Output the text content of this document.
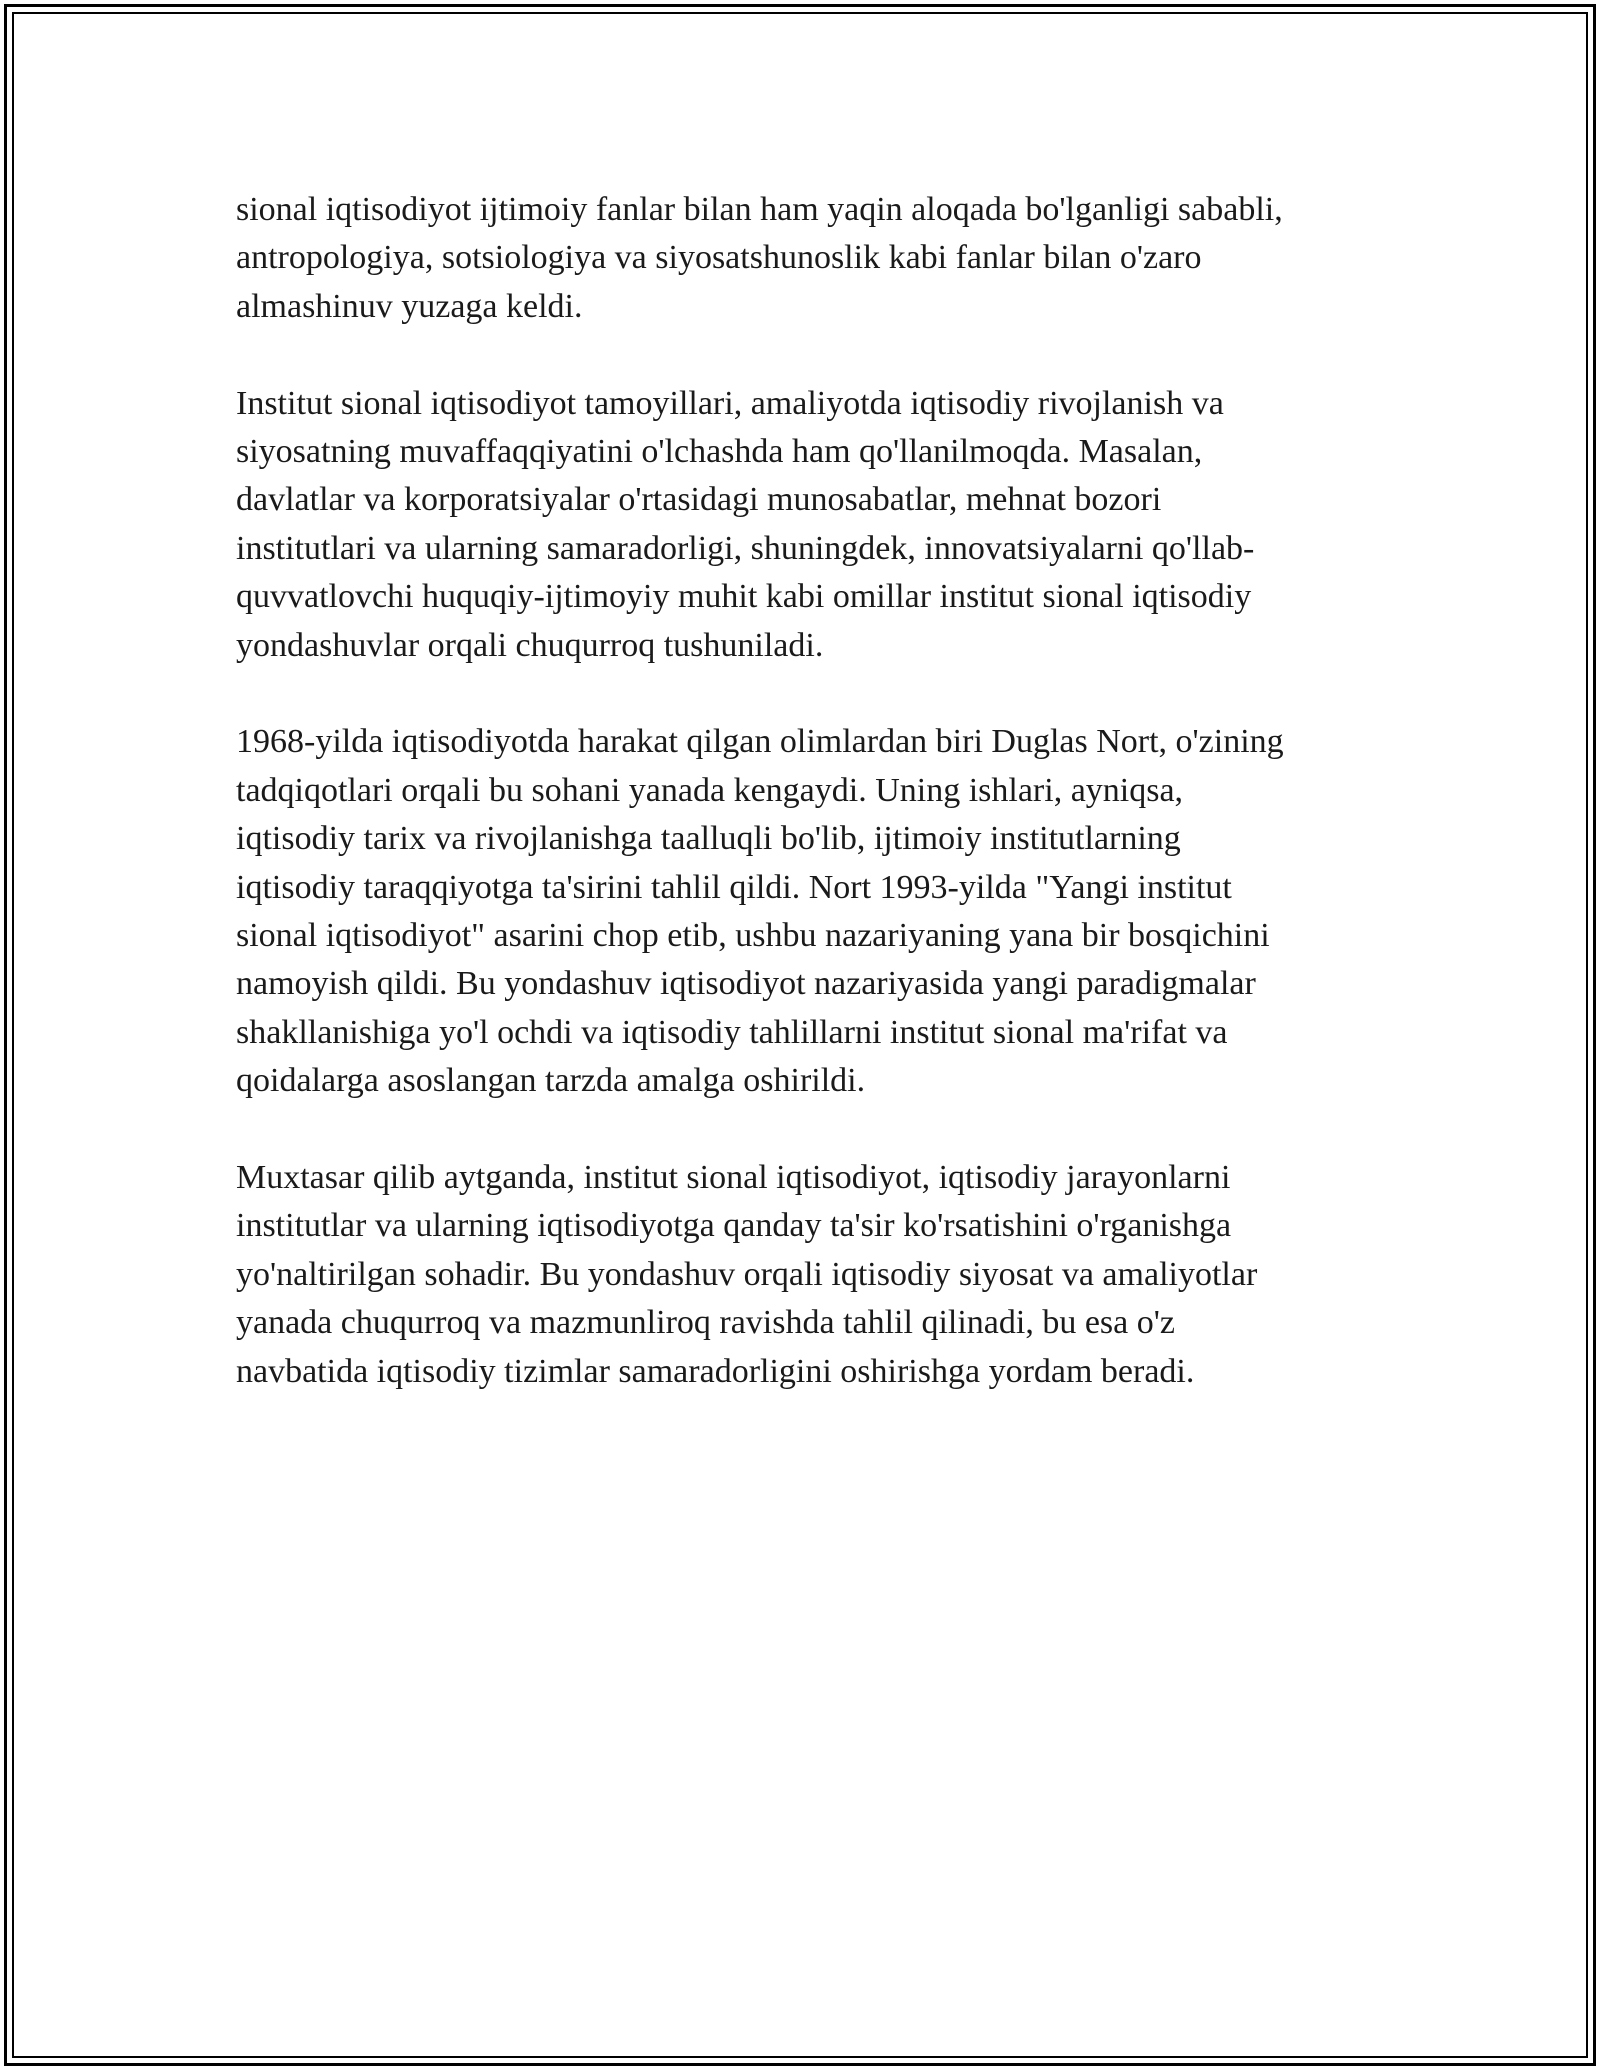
sional iqtisodiyot ijtimoiy fanlar bilan ham yaqin aloqada bo'lganligi sababli,
antropologiya, sotsiologiya va siyosatshunoslik kabi fanlar bilan o'zaro
almashinuv yuzaga keldi.

Institut sional iqtisodiyot tamoyillari, amaliyotda iqtisodiy rivojlanish va
siyosatning muvaffaqqiyatini o'lchashda ham qo'llanilmoqda. Masalan,
davlatlar va korporatsiyalar o'rtasidagi munosabatlar, mehnat bozori
institutlari va ularning samaradorligi, shuningdek, innovatsiyalarni qo'llab-
quvvatlovchi huquqiy-ijtimoyiy muhit kabi omillar institut sional iqtisodiy
yondashuvlar orqali chuqurroq tushuniladi.

1968-yilda iqtisodiyotda harakat qilgan olimlardan biri Duglas Nort, o'zining
tadqiqotlari orqali bu sohani yanada kengaydi. Uning ishlari, ayniqsa,
iqtisodiy tarix va rivojlanishga taalluqli bo'lib, ijtimoiy institutlarning
iqtisodiy taraqqiyotga ta'sirini tahlil qildi. Nort 1993-yilda "Yangi institut
sional iqtisodiyot" asarini chop etib, ushbu nazariyaning yana bir bosqichini
namoyish qildi. Bu yondashuv iqtisodiyot nazariyasida yangi paradigmalar
shakllanishiga yo'l ochdi va iqtisodiy tahlillarni institut sional ma'rifat va
qoidalarga asoslangan tarzda amalga oshirildi.

Muxtasar qilib aytganda, institut sional iqtisodiyot, iqtisodiy jarayonlarni
institutlar va ularning iqtisodiyotga qanday ta'sir ko'rsatishini o'rganishga
yo'naltirilgan sohadir. Bu yondashuv orqali iqtisodiy siyosat va amaliyotlar
yanada chuqurroq va mazmunliroq ravishda tahlil qilinadi, bu esa o'z
navbatida iqtisodiy tizimlar samaradorligini oshirishga yordam beradi.
